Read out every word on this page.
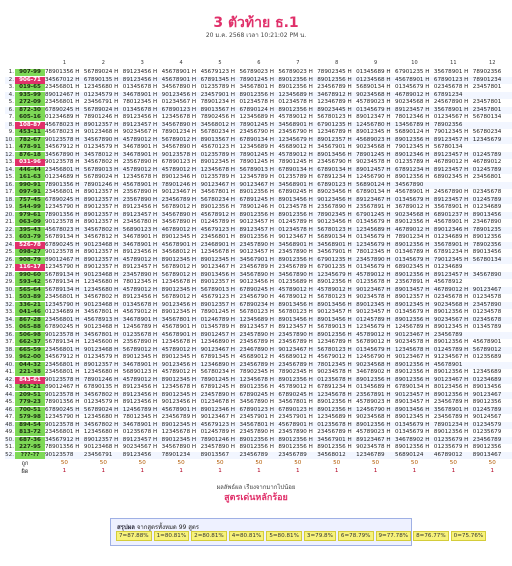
3 ตัวท้าย ธ.1
20 ม.ค. 2568 เวลา 10:21:02 PM น.
1	2	3	4	5	6	7	8	9	10	11	12
1. 907-99 78901356 H 56789024 H 89123456 H 45678901 H 45679123 H 56789023 H 56789023 H 78902345 H 01345689 H 67901235 H 35678901 H 78902356
2. 906-71 34567012 H 67890135 H 89123456 H 45678901 H 67891345 H 78901245 H 89012356 H 89012356 H 01234568 H 45678901 H 67890123 H 78901234
3. 019-65 23456801 H 12345680 H 01345678 H 34567890 H 01235789 H 34567801 H 89012356 H 23456789 H 56890134 H 01345679 H 02345678 H 23457801
4. 935-99 89012467 H 01234579 H 34678901 H 90123456 H 23457901 H 89012356 H 12345689 H 34678912 H 90234568 H 46789012 H 67891234
5. 272-09 23456801 H 23456791 H 78012345 H 01234567 H 78901234 H 01234578 H 01234578 H 12346789 H 45789023 H 90234568 H 24567890 H 23457801
6. 872-30 67890245 H 56789024 H 01345678 H 67890123 H 89013567 H 67890124 H 89012356 H 89023445 H 01345679 H 89123457 H 35678901 H 23457801
7. 605-16 01234689 H 78901246 H 89123456 H 12345678 H 78902456 H 12345689 H 45789012 H 56780123 H 89012347 H 78012346 H 01234567 H 56780134
8. 108-87 45678023 H 89012357 H 89123457 H 34567890 H 34568012 H 78901245 H 34568901 H 67901235 H 12456780 H 13456789 H 78902356
9. 453-11 45678023 H 90123468 H 90234567 H 78901234 H 56780234 H 23456790 H 23456790 H 12346789 H 89012345 H 56890124 H 79012345 H 56780234
10. 782-67 90123578 H 34567890 H 45789012 H 56789012 H 89013567 H 67890134 H 12345679 H 89012357 H 45689023 H 89012356 H 89123457 H 12345679
11. 478-91 34567912 H 01234579 H 34678901 H 34567890 H 45670123 H 12345689 H 45689012 H 34567901 H 90234568 H 79012345 H 56780134
12. 876-18 34567890 H 34578012 H 34678901 H 90123578 H 01235789 H 78901245 H 45789012 H 89013456 H 78901245 H 89012346 H 89123457 H 01245789
13. 031-96 90123578 H 34567802 H 23567890 H 67890123 H 89012345 H 78901245 H 78901245 H 23456790 H 90234578 H 01235789 H 46789012 H 46789012
14. 446-44 23456801 H 56789013 H 45789012 H 45789012 H 12345678 H 56789013 H 67890134 H 67890134 H 89012457 H 67891234 H 89123457 H 01245789
15. 161-63 01234689 H 56789024 H 12345678 H 89012346 H 01235789 H 12345789 H 01235789 H 67891234 H 12456790 H 89012356 H 68902345 H 23456801
16. 990-91 78901356 H 78901246 H 45678901 H 78901246 H 90123467 H 90123467 H 34568901 H 67890123 H 56890124 H 34567890
17. 097-91 23456801 H 89012357 H 23567890 H 90123467 H 34567801 H 89012356 H 67890245 H 89023456 H 67890134 H 45678901 H 24567890 H 02345678
18. 757-45 67890245 H 89012357 H 23567890 H 23456789 H 56780234 H 67891245 H 89013456 H 90123456 H 89123467 H 01345679 H 89123457 H 01245789
19. 544-99 12345790 H 89012357 H 89123456 H 56789012 H 89012356 H 78901246 H 01234578 H 23567890 H 23567891 H 36789012 H 35678901 H 01234689
20. 979-61 78901356 H 89012357 H 89123457 H 34567890 H 45678912 H 89012356 H 89012356 H 78902345 H 67901245 H 90234568 H 68901237 H 89013456
21. 063-09 90123578 H 89012357 H 23456780 H 34567890 H 01245789 H 90123457 H 01245789 H 90123456 H 01345679 H 89012356 H 45678901 H 23467890
22. 395-43 45678023 H 34567802 H 56890123 H 46789012 H 45679123 H 89123457 H 01234578 H 56780123 H 12345689 H 46789012 H 89012346 H 78901235
23. 603-79 56789134 H 34567812 H 34678901 H 89012345 H 23456801 H 89012356 H 90123467 H 56890134 H 01345679 H 78901234 H 01234689 H 89012356
24. 526-78 67890245 H 90123468 H 34678901 H 45678901 H 23468901 H 23457890 H 34568901 H 34568901 H 12345679 H 89012356 H 35678901 H 78902356
25. 098-27 90123578 H 89012357 H 89123456 H 34568012 H 12345678 H 90123457 H 23457890 H 34567901 H 78012345 H 01346789 H 67891234 H 89013456
26. 908-79 89012467 H 89012357 H 45789012 H 89012345 H 89012345 H 34567901 H 89012356 H 67901235 H 23457890 H 01345679 H 79012345 H 56780134
27. 116-17 12345790 H 89012357 H 89123457 H 56789012 H 90123467 H 23456789 H 23456789 H 67901235 H 01345679 H 68902345 H 01234689
28. 990-60 56789134 H 90123468 H 23457890 H 56789012 H 89013456 H 34567890 H 34567890 H 12345679 H 45789012 H 89012356 H 89123457 H 34567890
29. 593-42 56789134 H 12345680 H 78012345 H 12345678 H 89012357 H 90123456 H 01235689 H 89012356 H 01235678 H 23567891 H 45678912
30. 565-64 56789134 H 12345680 H 45789012 H 89012345 H 56789013 H 67890245 H 45789012 H 45789012 H 90123467 H 89013457 H 46789012 H 90123467
31. 503-89 23456801 H 34567802 H 89123456 H 56789012 H 45679123 H 23456790 H 46789012 H 56780123 H 90234578 H 89012357 H 02345678 H 01234578
32. 336-21 12345790 H 90123468 H 01345678 H 90123456 H 89012357 H 67890234 H 89013456 H 89013456 H 89012345 H 89012345 H 90234568 H 23457890
33. 041-46 01234689 H 34567801 H 45679012 H 89012345 H 78901245 H 56780123 H 56780123 H 90123457 H 90123457 H 01345679 H 89012356 H 01234578
34. 867-28 23456801 H 45678913 H 34678901 H 34567801 H 01246789 H 12345689 H 89013456 H 89013456 H 01245789 H 89012356 H 90234567 H 02345678
35. 065-88 67890245 H 90123468 H 12456789 H 45678901 H 01345789 H 89123457 H 89123457 H 56789013 H 12345679 H 12456789 H 89012345 H 01345789
36. 506-98 90123578 H 34567801 H 01235678 H 45678901 H 89012457 H 23457890 H 23457890 H 89012356 H 45789012 H 90123467 H 23456789
37. 662-37 56789134 H 12345600 H 23567890 H 12345678 H 12346890 H 23456789 H 23456789 H 12346789 H 56789012 H 90234578 H 89012356 H 45678901
38. 665-59 23456801 H 90123468 H 56789012 H 45789012 H 90123467 H 23467890 H 90123467 H 56780123 H 01345679 H 12345678 H 01245789 H 56789012
39. 962-00 34567912 H 01234579 H 89012345 H 89012345 H 67891345 H 45689012 H 45689012 H 45679012 H 12456790 H 90123467 H 91234567 H 01235689
40. 044-32 23456801 H 89012357 H 34678901 H 90123456 H 12346890 H 23456789 H 23456789 H 78012345 H 90234568 H 89012356 H 45678901
41. 221-38 23456801 H 12345680 H 56890123 H 45789012 H 56780234 H 78902345 H 78902345 H 90234578 H 34678902 H 89012356 H 89012356 H 12345689
42. 843-61 90123578 H 78901246 H 45789012 H 89012345 H 78901245 H 12345678 H 89012356 H 01235678 H 89012356 H 89012356 H 90123467 H 01234689
43. 863-21 89012467 H 67890135 H 89123456 H 12345678 H 67891245 H 89012356 H 45789012 H 67891234 H 01345689 H 67890134 H 80123456 H 89013456
44. 209-51 90123578 H 34567802 H 89123456 H 89012345 H 23457890 H 67890245 H 67890245 H 12345678 H 23567891 H 90123457 H 89012356 H 90123467
45. 779-23 78901356 H 01234579 H 89123456 H 90123456 H 01234678 H 34567890 H 34567801 H 89012356 H 45789023 H 89013457 H 23456789 H 89012356
46. 700-51 67890245 H 56789024 H 12456789 H 45678901 H 89012346 H 67890123 H 67890123 H 89012356 H 12456790 H 89013456 H 35678901 H 01245789
47. 579-98 12345790 H 12345680 H 78012345 H 23456789 H 90123467 H 23457901 H 23457901 H 12345689 H 90234568 H 89012345 H 23456789 H 90124567
48. 894-54 90123578 H 34567802 H 34678901 H 89012345 H 45679123 H 34567801 H 45678901 H 01235678 H 89012356 H 01345679 H 78901234 H 01234579
49. 813-72 23456801 H 12345680 H 01235678 H 12345678 H 01245789 H 23457890 H 23457890 H 23456789 H 45789023 H 01345679 H 89012356 H 01235679
50. 687-36 34567912 H 89012357 H 89123457 H 89012345 H 78901246 H 89012356 H 89012356 H 34567901 H 89123467 H 34678902 H 01235679 H 23456789
51. 227-95 78901356 H 90123468 H 90234567 H 34567890 H 23457890 H 89012356 H 89012356 H 89012356 H 90234578 H 89012356 H 01235679 H 89012356
52.	???-??	90123578	23456791	89123456	78901234	89013567	23456789	23456789	34568012	12346789	56890124	46789012	89013467
ถูก	50	50	50	50	50	50	50	50	50	50	50	50
ผิด	1	1	1	1	1	1	1	1	1	1	1	1
ผลลัพธ์ผล เรียงจากมากไปน้อย
สูตรเด่นหลักร้อย
สรุปผล จากสูตรทั้งหมด 99 สูตร
7=87.88%	1=80.81%	2=80.81%	4=80.81%	5=80.81%	3=79.8%	6=78.79%	9=77.78%	8=76.77%	0=75.76%
